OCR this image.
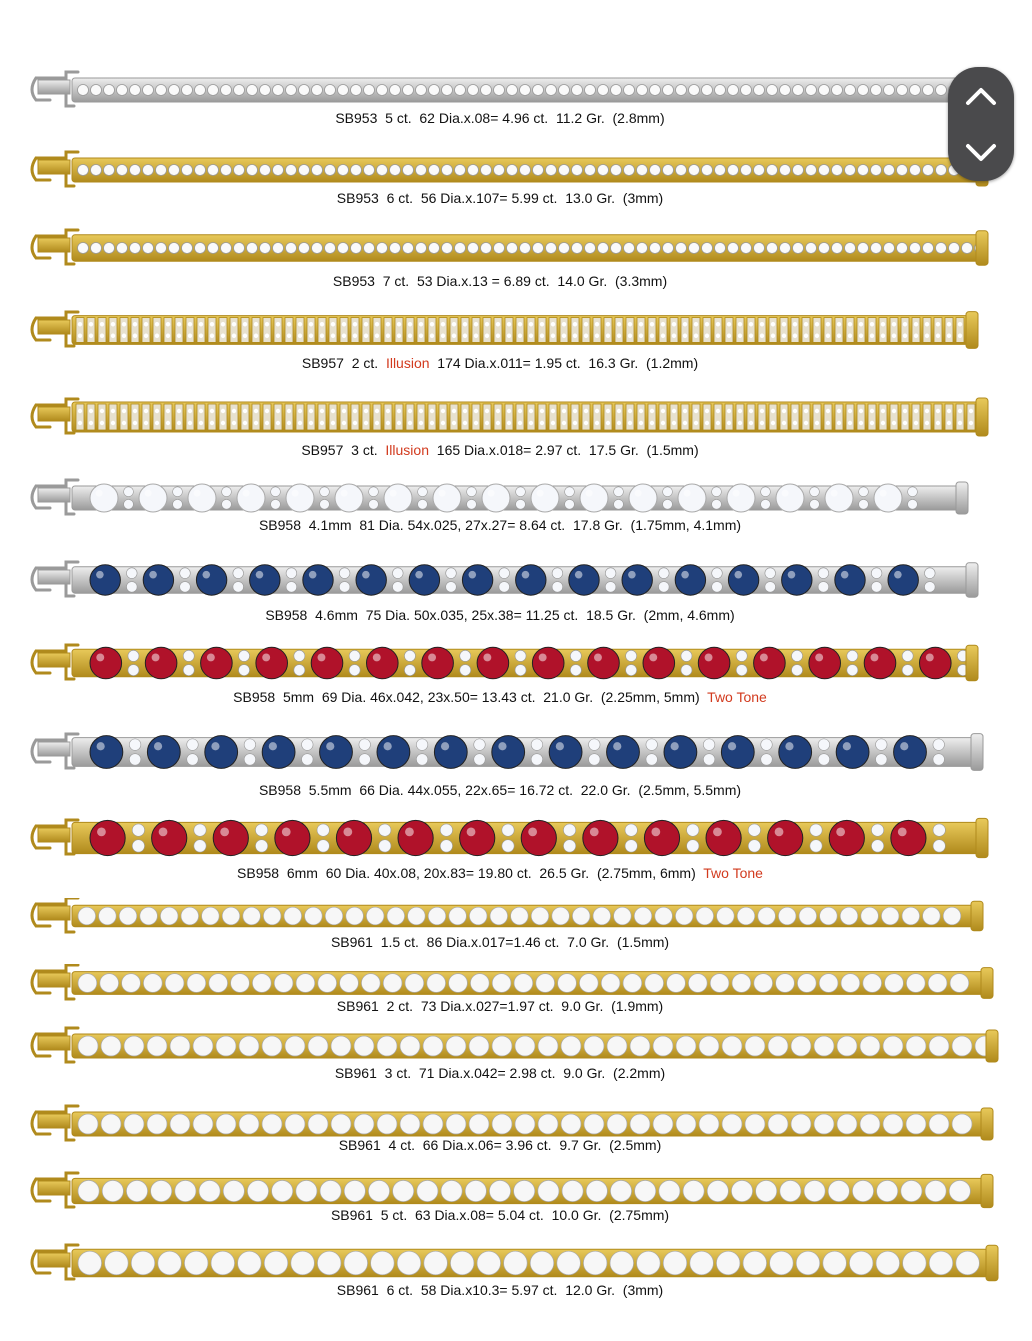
SB953  5 ct.  62 Dia.x.08= 4.96 ct.  11.2 Gr.  (2.8mm)
SB953  6 ct.  56 Dia.x.107= 5.99 ct.  13.0 Gr.  (3mm)
SB953  7 ct.  53 Dia.x.13 = 6.89 ct.  14.0 Gr.  (3.3mm)
SB957  2 ct.  Illusion  174 Dia.x.011= 1.95 ct.  16.3 Gr.  (1.2mm)
SB957  3 ct.  Illusion  165 Dia.x.018= 2.97 ct.  17.5 Gr.  (1.5mm)
SB958  4.1mm  81 Dia. 54x.025, 27x.27= 8.64 ct.  17.8 Gr.  (1.75mm, 4.1mm)
SB958  4.6mm  75 Dia. 50x.035, 25x.38= 11.25 ct.  18.5 Gr.  (2mm, 4.6mm)
SB958  5mm  69 Dia. 46x.042, 23x.50= 13.43 ct.  21.0 Gr.  (2.25mm, 5mm)  Two Tone
SB958  5.5mm  66 Dia. 44x.055, 22x.65= 16.72 ct.  22.0 Gr.  (2.5mm, 5.5mm)
SB958  6mm  60 Dia. 40x.08, 20x.83= 19.80 ct.  26.5 Gr.  (2.75mm, 6mm)  Two Tone
SB961  1.5 ct.  86 Dia.x.017=1.46 ct.  7.0 Gr.  (1.5mm)
SB961  2 ct.  73 Dia.x.027=1.97 ct.  9.0 Gr.  (1.9mm)
SB961  3 ct.  71 Dia.x.042= 2.98 ct.  9.0 Gr.  (2.2mm)
SB961  4 ct.  66 Dia.x.06= 3.96 ct.  9.7 Gr.  (2.5mm)
SB961  5 ct.  63 Dia.x.08= 5.04 ct.  10.0 Gr.  (2.75mm)
SB961  6 ct.  58 Dia.x10.3= 5.97 ct.  12.0 Gr.  (3mm)
